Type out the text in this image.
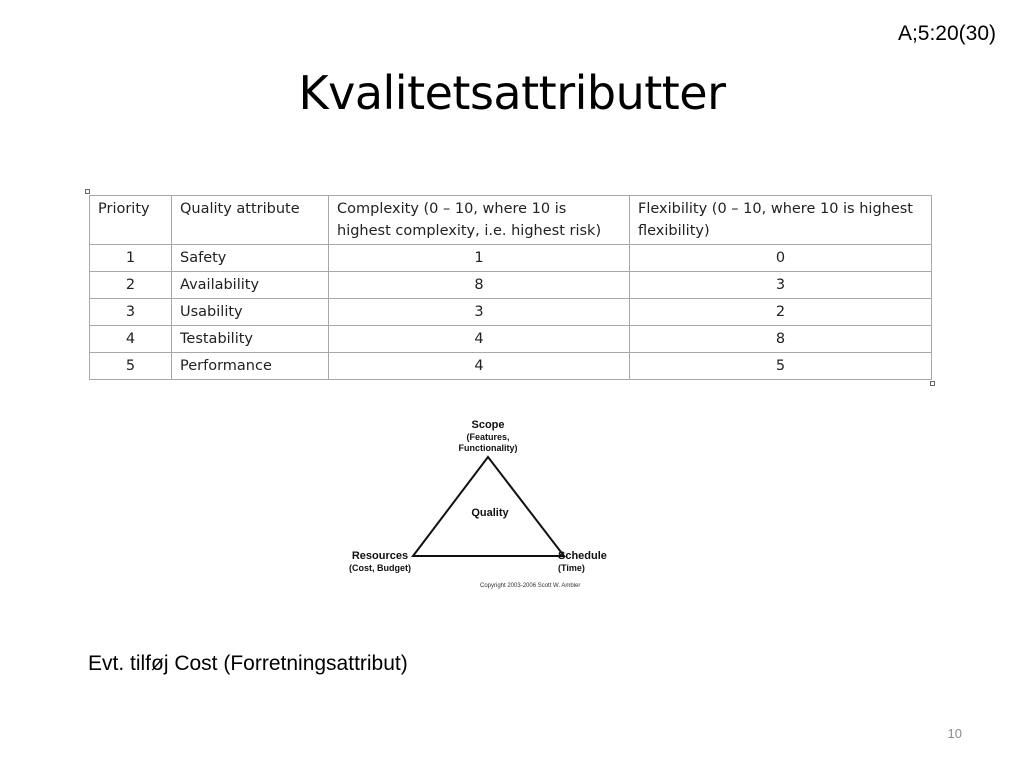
A;5:20(30)
Kvalitetsattributter
Priority	Quality attribute	Complexity (0 – 10, where 10 is highest complexity, i.e. highest risk)	Flexibility (0 – 10, where 10 is highest flexibility)
1	Safety	1	0
2	Availability	8	3
3	Usability	3	2
4	Testability	4	8
5	Performance	4	5
Scope
(Features,
Functionality)
Quality
Resources
(Cost, Budget)
Schedule
(Time)
Copyright 2003-2006 Scott W. Ambler
Evt. tilføj Cost (Forretningsattribut)
10
